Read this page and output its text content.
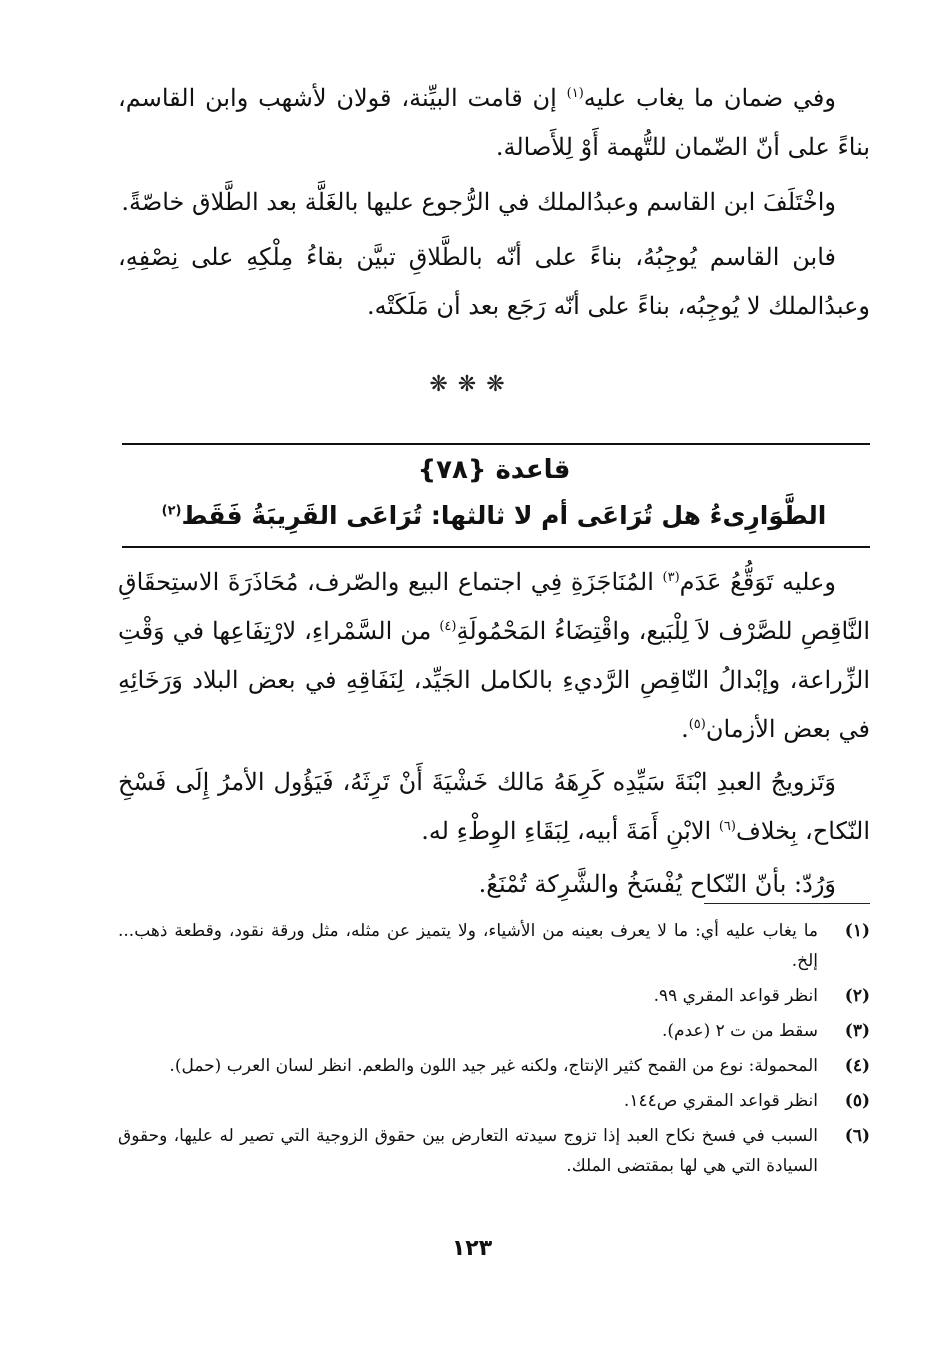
وفي ضمان ما يغاب عليه$^{(١)}$ إن قامت البيِّنة، قولان لأشهب وابن القاسم، بناءً على أنّ الضّمان للتُّهمة أَوْ لِلأَصالة.

واخْتَلَفَ ابن القاسم وعبدُالملك في الرُّجوع عليها بالغَلَّة بعد الطَّلاق خاصّةً.

فابن القاسم يُوجِبُهُ، بناءً على أنّه بالطَّلاقِ تبيَّن بقاءُ مِلْكِهِ على نِصْفِهِ، وعبدُالملك لا يُوجِبُه، بناءً على أنّه رَجَع بعد أن مَلَكَتْه.

❋❋❋
قاعدة {٧٨}
الطَّوَارِىءُ هل تُرَاعَى أم لا ثالثها: تُرَاعَى القَرِيبَةُ فَقَط$^{(٢)}$

وعليه تَوَقُّعُ عَدَم$^{(٣)}$ المُنَاجَزَةِ فِي اجتماع البيع والصّرف، مُحَاذَرَةَ الاستِحقَاقِ النَّاقِصِ للصَّرْف لاَ لِلْبَيع، واقْتِضَاءُ المَحْمُولَةِ$^{(٤)}$ من السَّمْراءِ، لارْتِفَاعِها في وَقْتِ الزِّراعة، وإبْدالُ النّاقِصِ الرَّديءِ بالكامل الجَيِّد، لِنَفَاقِهِ في بعض البلاد وَرَخَائِهِ في بعض الأزمان$^{(٥)}$.

وَتَزويجُ العبدِ ابْنَةَ سَيِّدِه كَرِهَهُ مَالك خَشْيَةَ أَنْ تَرِثَهُ، فَيَؤُول الأمرُ إِلَى فَسْخِ النّكاح، بِخلاف$^{(٦)}$ الابْنِ أَمَةَ أبيه، لِبَقَاءِ الوِطْءِ له.

وَرُدّ: بأنّ النّكاح يُفْسَخُ والشَّرِكة تُمْنَعُ.

(١)
ما يغاب عليه أي: ما لا يعرف بعينه من الأشياء، ولا يتميز عن مثله، مثل ورقة نقود، وقطعة ذهب... إلخ.
(٢)
انظر قواعد المقري ٩٩.
(٣)
سقط من ت ٢ (عدم).
(٤)
المحمولة: نوع من القمح كثير الإنتاج، ولكنه غير جيد اللون والطعم. انظر لسان العرب (حمل).
(٥)
انظر قواعد المقري ص١٤٤.
(٦)
السبب في فسخ نكاح العبد إذا تزوج سيدته التعارض بين حقوق الزوجية التي تصير له عليها، وحقوق السيادة التي هي لها بمقتضى الملك.
١٢٣
